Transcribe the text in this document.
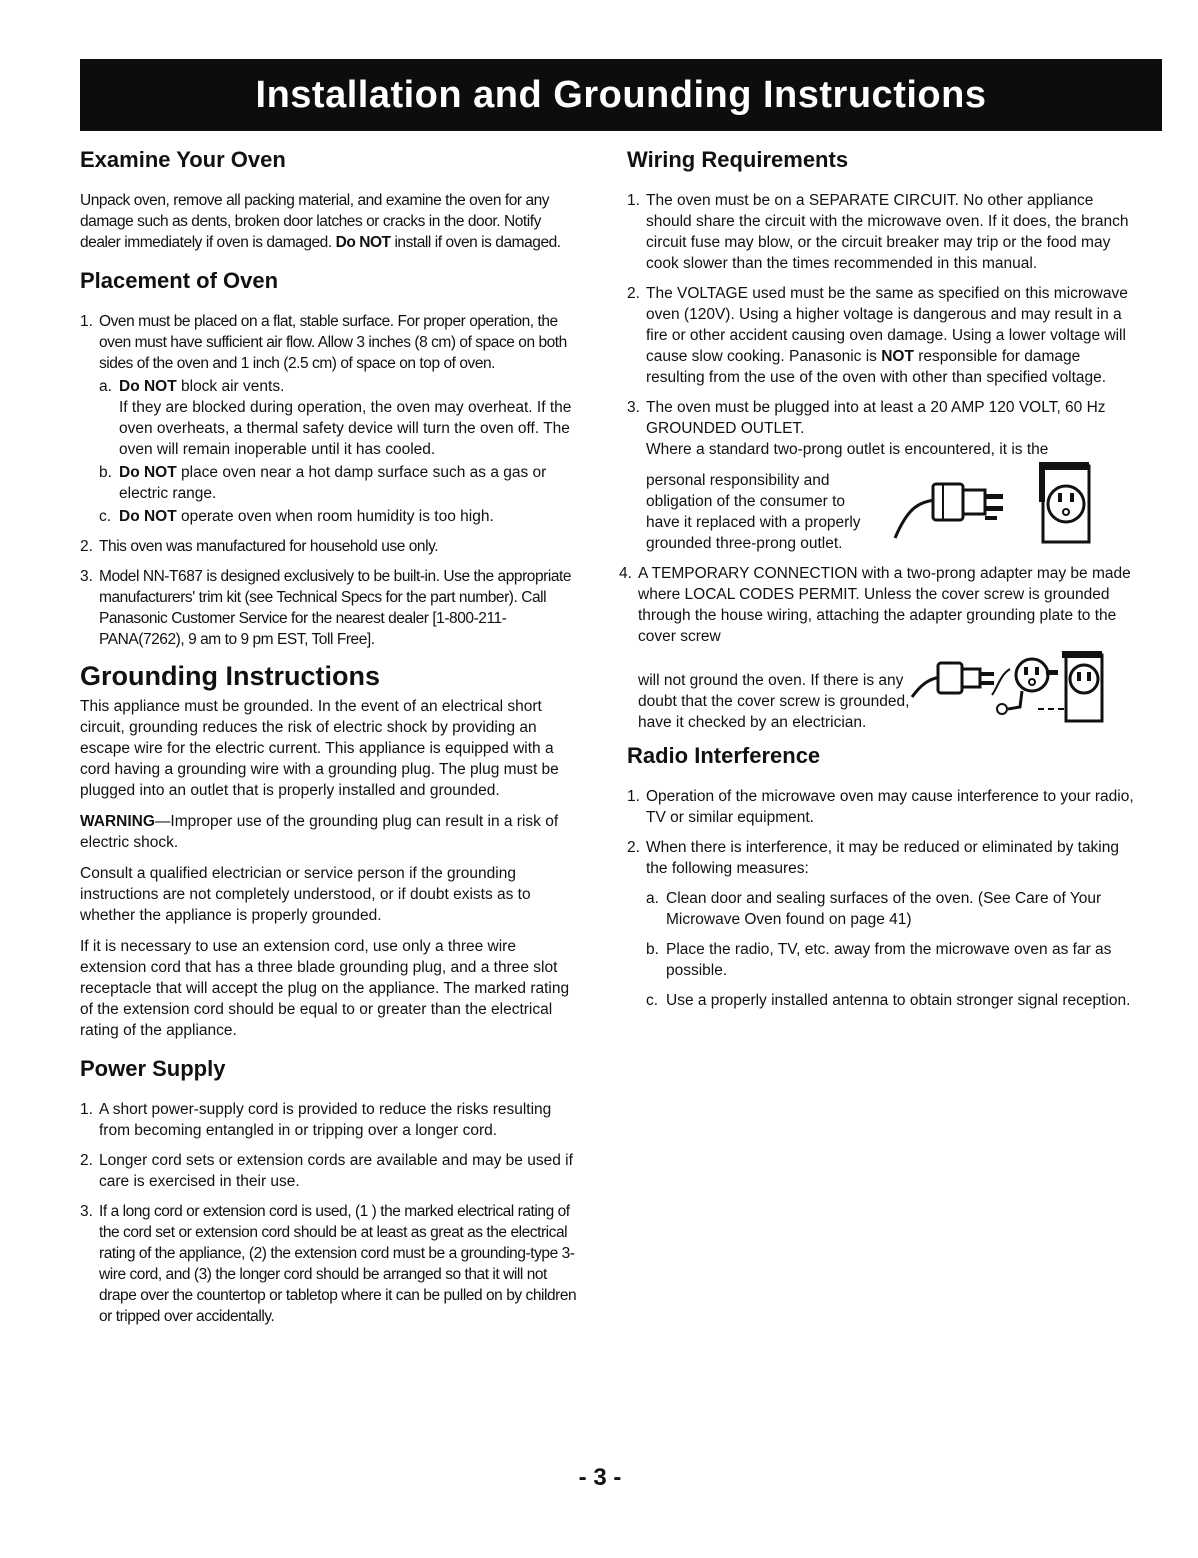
Installation and Grounding Instructions
Examine Your Oven

Unpack oven, remove all packing material, and examine the oven for any damage such as dents, broken door latches or cracks in the door. Notify dealer immediately if oven is damaged. Do NOT install if oven is damaged.

Placement of Oven
1. Oven must be placed on a flat, stable surface. For proper operation, the oven must have sufficient air flow. Allow 3 inches (8 cm) of space on both sides of the oven and 1 inch (2.5 cm) of space on top of oven.
a. Do NOT block air vents.
If they are blocked during operation, the oven may overheat. If the oven overheats, a thermal safety device will turn the oven off. The oven will remain inoperable until it has cooled.
b. Do NOT place oven near a hot damp surface such as a gas or electric range.
c. Do NOT operate oven when room humidity is too high.
2. This oven was manufactured for household use only.
3. Model NN-T687 is designed exclusively to be built-in. Use the appropriate manufacturers' trim kit (see Technical Specs for the part number). Call Panasonic Customer Service for the nearest dealer [1-800-211-PANA(7262), 9 am to 9 pm EST, Toll Free].
Grounding Instructions

This appliance must be grounded. In the event of an electrical short circuit, grounding reduces the risk of electric shock by providing an escape wire for the electric current. This appliance is equipped with a cord having a grounding wire with a grounding plug. The plug must be plugged into an outlet that is properly installed and grounded.

WARNING—Improper use of the grounding plug can result in a risk of electric shock.

Consult a qualified electrician or service person if the grounding instructions are not completely understood, or if doubt exists as to whether the appliance is properly grounded.

If it is necessary to use an extension cord, use only a three wire extension cord that has a three blade grounding plug, and a three slot receptacle that will accept the plug on the appliance. The marked rating of the extension cord should be equal to or greater than the electrical rating of the appliance.

Power Supply
1. A short power-supply cord is provided to reduce the risks resulting from becoming entangled in or tripping over a longer cord.
2. Longer cord sets or extension cords are available and may be used if care is exercised in their use.
3. If a long cord or extension cord is used, (1 ) the marked electrical rating of the cord set or extension cord should be at least as great as the electrical rating of the appliance, (2) the extension cord must be a grounding-type 3-wire cord, and (3) the longer cord should be arranged so that it will not drape over the countertop or tabletop where it can be pulled on by children or tripped over accidentally.
Wiring Requirements
1. The oven must be on a SEPARATE CIRCUIT. No other appliance should share the circuit with the microwave oven. If it does, the branch circuit fuse may blow, or the circuit breaker may trip or the food may cook slower than the times recommended in this manual.
2. The VOLTAGE used must be the same as specified on this microwave oven (120V). Using a higher voltage is dangerous and may result in a fire or other accident causing oven damage. Using a lower voltage will cause slow cooking. Panasonic is NOT responsible for damage resulting from the use of the oven with other than specified voltage.
3. The oven must be plugged into at least a 20 AMP 120 VOLT, 60 Hz GROUNDED OUTLET.
Where a standard two-prong outlet is encountered, it is the
personal responsibility and obligation of the consumer to have it replaced with a properly grounded three-prong outlet.
4. A TEMPORARY CONNECTION with a two-prong adapter may be made where LOCAL CODES PERMIT. Unless the cover screw is grounded through the house wiring, attaching the adapter grounding plate to the cover screw
will not ground the oven. If there is any doubt that the cover screw is grounded, have it checked by an electrician.
Radio Interference
1. Operation of the microwave oven may cause interference to your radio, TV or similar equipment.
2. When there is interference, it may be reduced or eliminated by taking the following measures:
a. Clean door and sealing surfaces of the oven. (See Care of Your Microwave Oven found on page 41)
b. Place the radio, TV, etc. away from the microwave oven as far as possible.
c. Use a properly installed antenna to obtain stronger signal reception.
- 3 -
